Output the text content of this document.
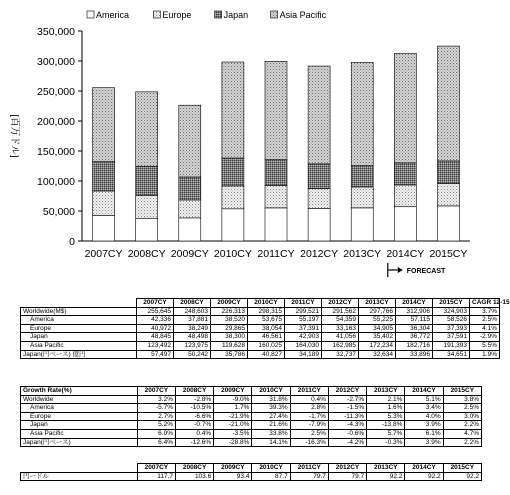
America	Europe	Japan	Asia Pacific
0
50,000
100,000
150,000
200,000
250,000
300,000
350,000
[百万ドル]
2007CY 2008CY 2009CY 2010CY 2011CY 2012CY 2013CY 2014CY 2015CY
FORECAST
	2007CY	2008CY	2009CY	2010CY	2011CY	2012CY	2013CY	2014CY	2015CY	CAGR 12-15
Worldwide(M$)	255,645	248,603	226,313	298,315	299,521	291,562	297,766	312,906	324,903	3.7%
America	42,336	37,881	38,520	53,675	55,197	54,359	55,225	57,115	58,526	2.5%
Europe	40,972	38,249	29,865	38,054	37,391	33,163	34,905	36,304	37,393	4.1%
Japan	48,845	48,498	38,300	46,561	42,903	41,056	35,402	36,772	37,591	-2.9%
Asia Pacific	123,492	123,975	119,628	160,025	164,030	162,985	172,234	182,716	191,393	5.5%
Japan(円ベース) 億円	57,497	50,242	35,786	40,827	34,189	32,737	32,634	33,896	34,651	1.9%
Growth Rate(%)	2007CY	2008CY	2009CY	2010CY	2011CY	2012CY	2013CY	2014CY	2015CY
Worldwide	3.2%	-2.8%	-9.0%	31.8%	0.4%	-2.7%	2.1%	5.1%	3.8%
America	-5.7%	-10.5%	1.7%	39.3%	2.8%	-1.5%	1.6%	3.4%	2.5%
Europe	2.7%	-6.6%	-21.9%	27.4%	-1.7%	-11.3%	5.3%	4.0%	3.0%
Japan	5.2%	-0.7%	-21.0%	21.6%	-7.9%	-4.3%	-13.8%	3.9%	2.2%
Asia Pacific	6.0%	0.4%	-3.5%	33.8%	2.5%	-0.6%	5.7%	6.1%	4.7%
Japan(円ベース)	6.4%	-12.6%	-28.8%	14.1%	-16.3%	-4.2%	-0.3%	3.9%	2.2%
	2007CY	2008CY	2009CY	2010CY	2011CY	2012CY	2013CY	2014CY	2015CY
円ードル	117.7	103.6	93.4	87.7	79.7	79.7	92.2	92.2	92.2
